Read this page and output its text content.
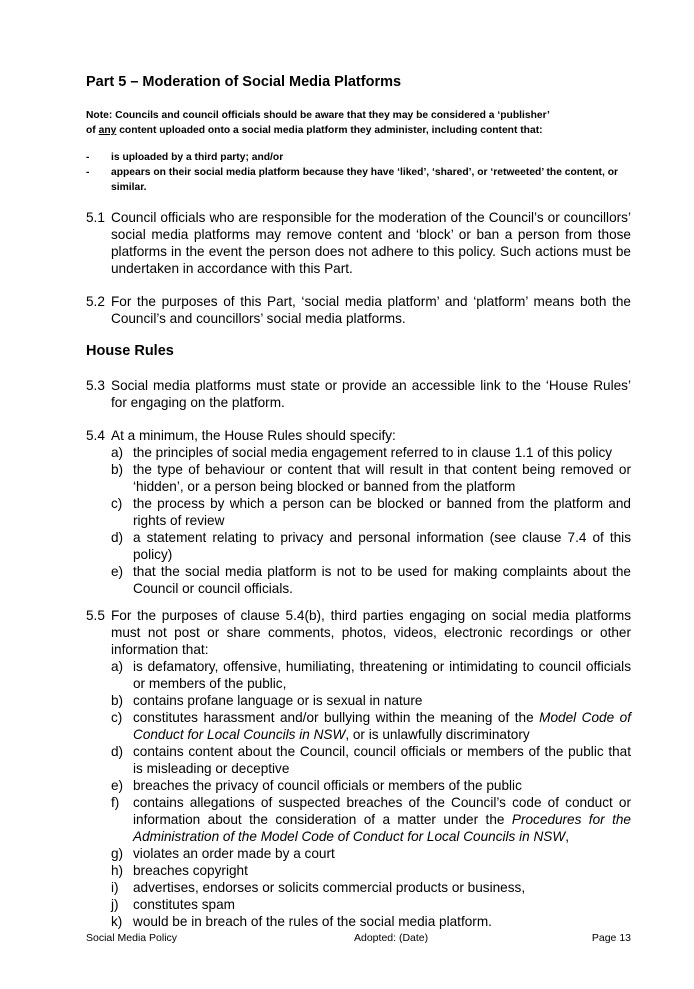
Part 5 – Moderation of Social Media Platforms
Note: Councils and council officials should be aware that they may be considered a ‘publisher’
of any content uploaded onto a social media platform they administer, including content that:
-	is uploaded by a third party; and/or
-	appears on their social media platform because they have ‘liked’, ‘shared’, or ‘retweeted’ the content, or similar.
5.1 Council officials who are responsible for the moderation of the Council’s or councillors’ social media platforms may remove content and ‘block’ or ban a person from those platforms in the event the person does not adhere to this policy. Such actions must be undertaken in accordance with this Part.
5.2 For the purposes of this Part, ‘social media platform’ and ‘platform’ means both the Council’s and councillors’ social media platforms.
House Rules
5.3 Social media platforms must state or provide an accessible link to the ‘House Rules’ for engaging on the platform.
5.4 At a minimum, the House Rules should specify:
a) the principles of social media engagement referred to in clause 1.1 of this policy
b) the type of behaviour or content that will result in that content being removed or ‘hidden’, or a person being blocked or banned from the platform
c) the process by which a person can be blocked or banned from the platform and rights of review
d) a statement relating to privacy and personal information (see clause 7.4 of this policy)
e) that the social media platform is not to be used for making complaints about the Council or council officials.
5.5 For the purposes of clause 5.4(b), third parties engaging on social media platforms must not post or share comments, photos, videos, electronic recordings or other information that:
a) is defamatory, offensive, humiliating, threatening or intimidating to council officials or members of the public,
b) contains profane language or is sexual in nature
c) constitutes harassment and/or bullying within the meaning of the Model Code of Conduct for Local Councils in NSW, or is unlawfully discriminatory
d) contains content about the Council, council officials or members of the public that is misleading or deceptive
e) breaches the privacy of council officials or members of the public
f)	contains allegations of suspected breaches of the Council’s code of conduct or information about the consideration of a matter under the Procedures for the Administration of the Model Code of Conduct for Local Councils in NSW,
g) violates an order made by a court
h) breaches copyright
i)	advertises, endorses or solicits commercial products or business,
j)	constitutes spam
k) would be in breach of the rules of the social media platform.
Social Media Policy	Adopted: (Date)	Page 13
